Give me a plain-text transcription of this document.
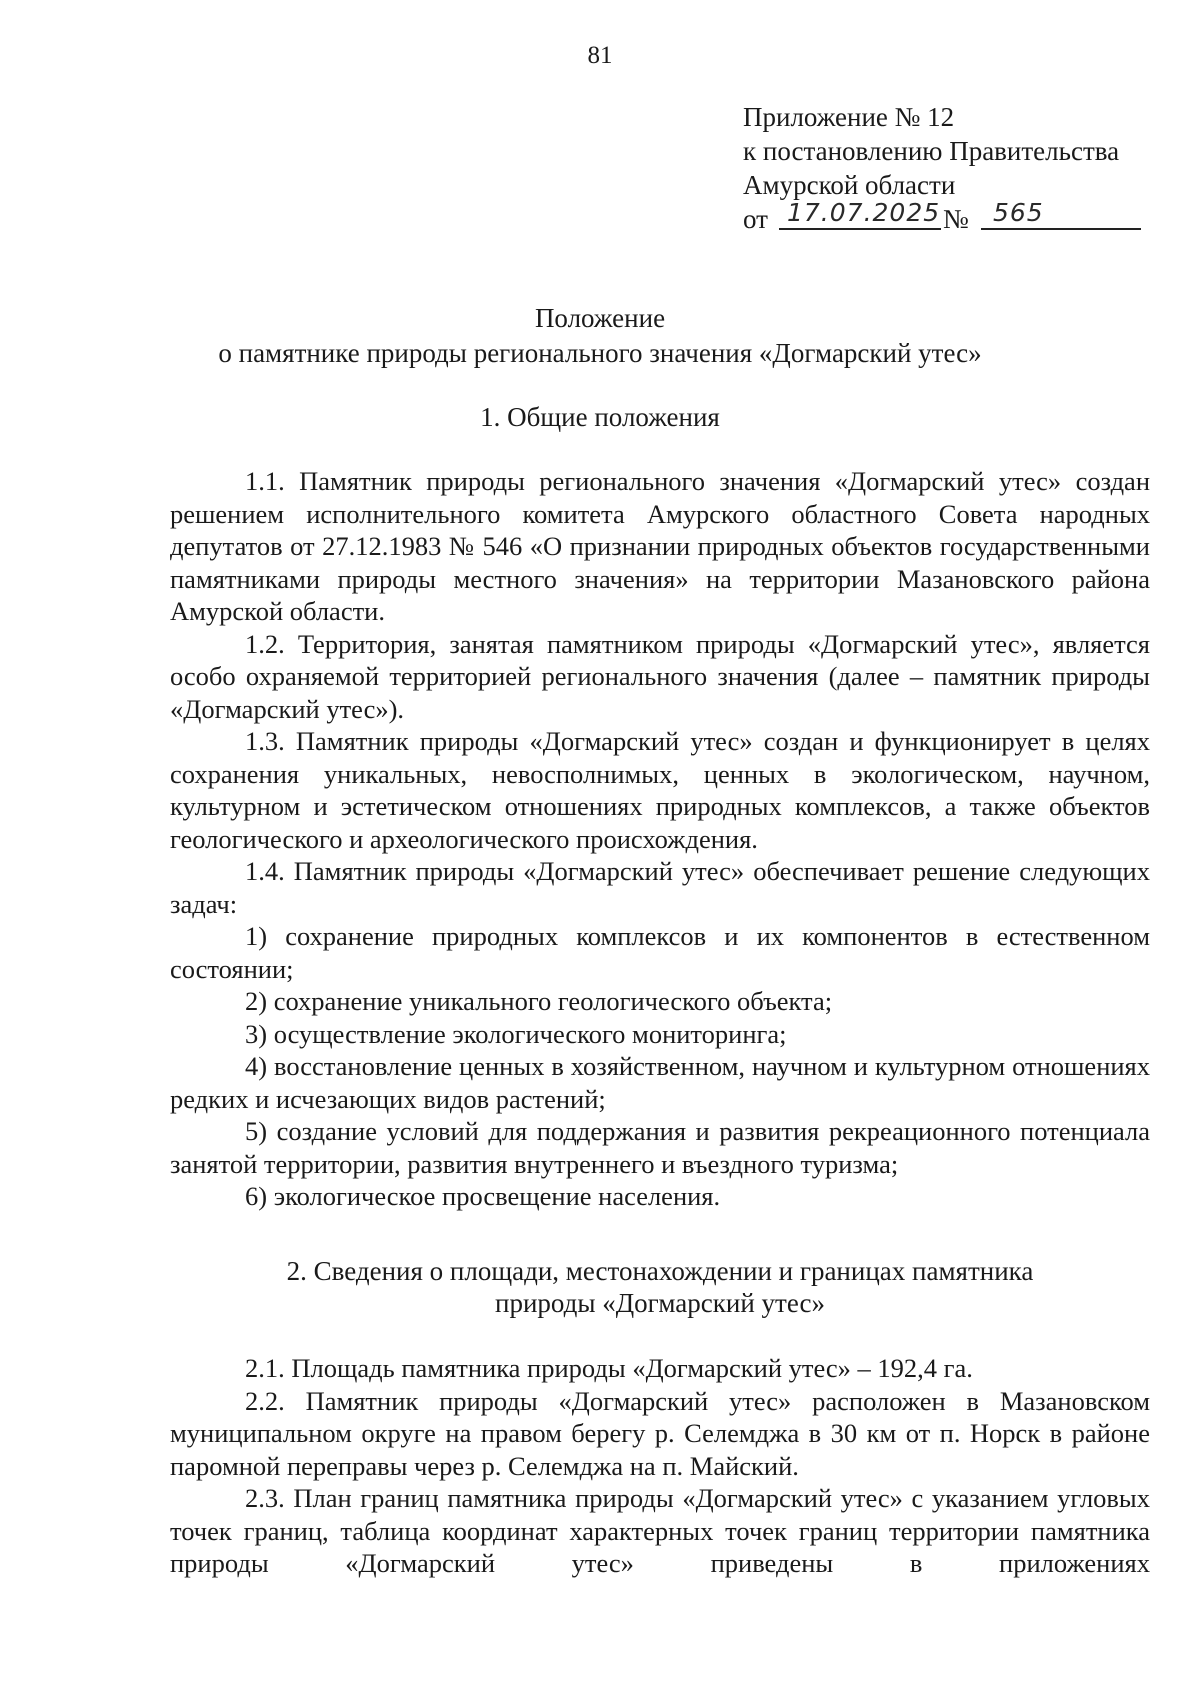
81
Приложение № 12
к постановлению Правительства
Амурской области
от 17.07.2025 № 565
Положение
о памятнике природы регионального значения «Догмарский утес»
1. Общие положения

1.1. Памятник природы регионального значения «Догмарский утес» создан решением исполнительного комитета Амурского областного Совета народных депутатов от 27.12.1983 № 546 «О признании природных объектов государственными памятниками природы местного значения» на территории Мазановского района Амурской области.

1.2. Территория, занятая памятником природы «Догмарский утес», является особо охраняемой территорией регионального значения (далее – памятник природы «Догмарский утес»).

1.3. Памятник природы «Догмарский утес» создан и функционирует в целях сохранения уникальных, невосполнимых, ценных в экологическом, научном, культурном и эстетическом отношениях природных комплексов, а также объектов геологического и археологического происхождения.

1.4. Памятник природы «Догмарский утес» обеспечивает решение следующих задач:

1) сохранение природных комплексов и их компонентов в естественном состоянии;

2) сохранение уникального геологического объекта;

3) осуществление экологического мониторинга;

4) восстановление ценных в хозяйственном, научном и культурном отношениях редких и исчезающих видов растений;

5) создание условий для поддержания и развития рекреационного потенциала занятой территории, развития внутреннего и въездного туризма;

6) экологическое просвещение населения.

2. Сведения о площади, местонахождении и границах памятника
природы «Догмарский утес»

2.1. Площадь памятника природы «Догмарский утес» – 192,4 га.

2.2. Памятник природы «Догмарский утес» расположен в Мазановском муниципальном округе на правом берегу р. Селемджа в 30 км от п. Норск в районе паромной переправы через р. Селемджа на п. Майский.

2.3. План границ памятника природы «Догмарский утес» с указанием угловых точек границ, таблица координат характерных точек границ территории памятника природы «Догмарский утес» приведены в приложениях
